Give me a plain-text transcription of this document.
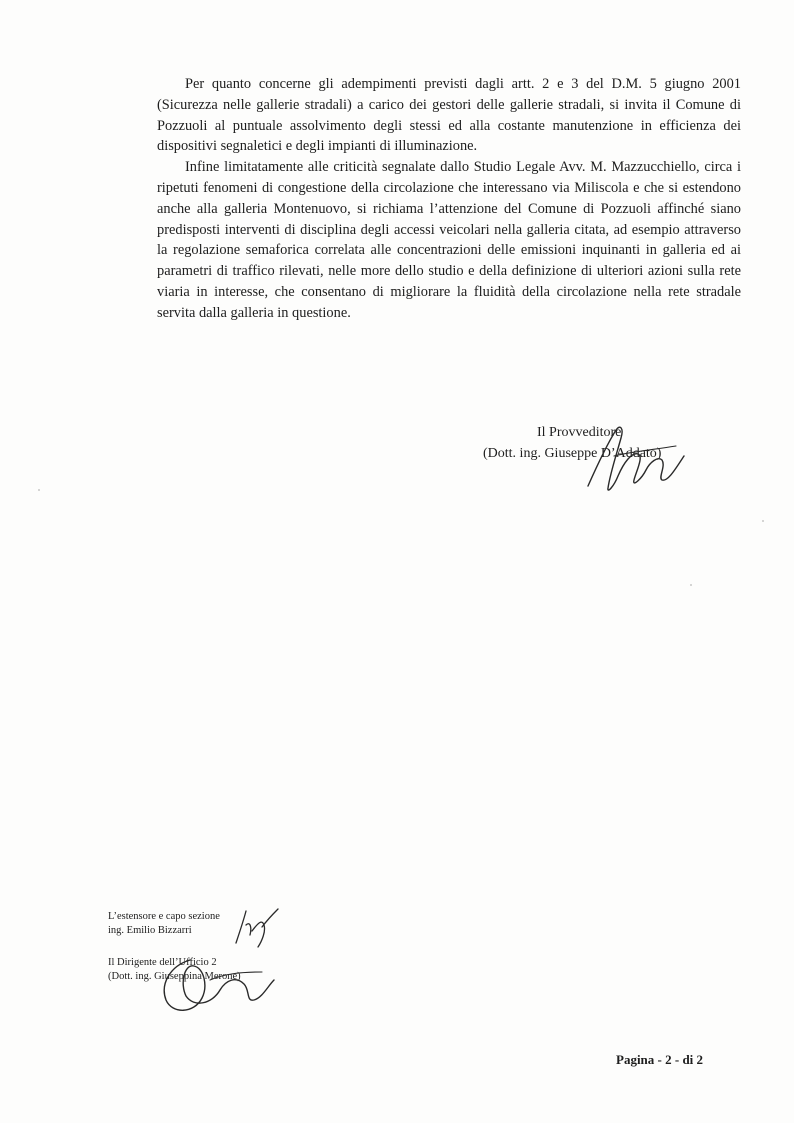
Per quanto concerne gli adempimenti previsti dagli artt. 2 e 3 del D.M. 5 giugno 2001 (Sicurezza nelle gallerie stradali) a carico dei gestori delle gallerie stradali, si invita il Comune di Pozzuoli al puntuale assolvimento degli stessi ed alla costante manutenzione in efficienza dei dispositivi segnaletici e degli impianti di illuminazione.

Infine limitatamente alle criticità segnalate dallo Studio Legale Avv. M. Mazzucchiello, circa i ripetuti fenomeni di congestione della circolazione che interessano via Miliscola e che si estendono anche alla galleria Montenuovo, si richiama l’attenzione del Comune di Pozzuoli affinché siano predisposti interventi di disciplina degli accessi veicolari nella galleria citata, ad esempio attraverso la regolazione semaforica correlata alle concentrazioni delle emissioni inquinanti in galleria ed ai parametri di traffico rilevati, nelle more dello studio e della definizione di ulteriori azioni sulla rete viaria in interesse, che consentano di migliorare la fluidità della circolazione nella rete stradale servita dalla galleria in questione.

Il Provveditore
(Dott. ing. Giuseppe D’Addato)
L’estensore e capo sezione
ing. Emilio Bizzarri
Il Dirigente dell’Ufficio 2
(Dott. ing. Giuseppina Merone)
Pagina - 2 - di 2
